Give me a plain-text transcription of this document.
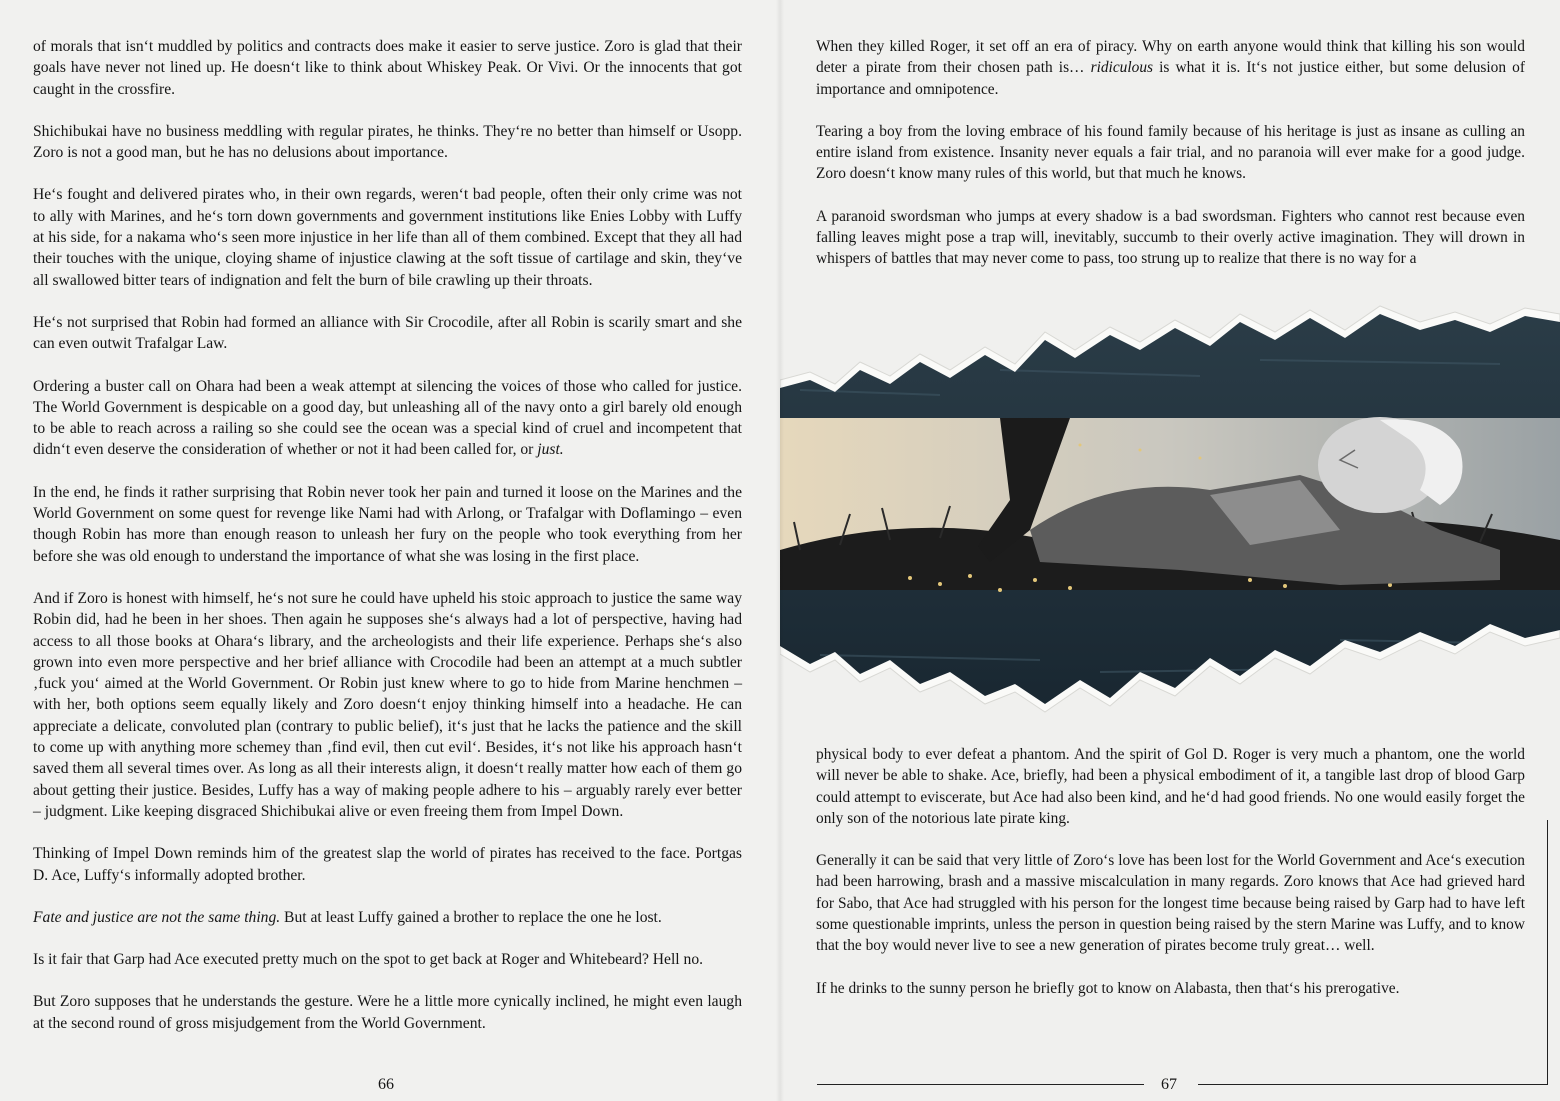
of morals that isn‘t muddled by politics and contracts does make it easier to serve justice. Zoro is glad that their goals have never not lined up. He doesn‘t like to think about Whiskey Peak. Or Vivi. Or the innocents that got caught in the crossfire.

Shichibukai have no business meddling with regular pirates, he thinks. They‘re no better than himself or Usopp. Zoro is not a good man, but he has no delusions about importance.

He‘s fought and delivered pirates who, in their own regards, weren‘t bad people, often their only crime was not to ally with Marines, and he‘s torn down governments and government institutions like Enies Lobby with Luffy at his side, for a nakama who‘s seen more injustice in her life than all of them combined. Except that they all had their touches with the unique, cloying shame of injustice clawing at the soft tissue of cartilage and skin, they‘ve all swallowed bitter tears of indignation and felt the burn of bile crawling up their throats.

He‘s not surprised that Robin had formed an alliance with Sir Crocodile, after all Robin is scarily smart and she can even outwit Trafalgar Law.

Ordering a buster call on Ohara had been a weak attempt at silencing the voices of those who called for justice. The World Government is despicable on a good day, but unleashing all of the navy onto a girl barely old enough to be able to reach across a railing so she could see the ocean was a special kind of cruel and incompetent that didn‘t even deserve the consideration of whether or not it had been called for, or just.

In the end, he finds it rather surprising that Robin never took her pain and turned it loose on the Marines and the World Government on some quest for revenge like Nami had with Arlong, or Trafalgar with Doflamingo – even though Robin has more than enough reason to unleash her fury on the people who took everything from her before she was old enough to understand the importance of what she was losing in the first place.

And if Zoro is honest with himself, he‘s not sure he could have upheld his stoic approach to justice the same way Robin did, had he been in her shoes. Then again he supposes she‘s always had a lot of perspective, having had access to all those books at Ohara‘s library, and the archeologists and their life experience. Perhaps she‘s also grown into even more perspective and her brief alliance with Crocodile had been an attempt at a much subtler ‚fuck you‘ aimed at the World Government. Or Robin just knew where to go to hide from Marine henchmen – with her, both options seem equally likely and Zoro doesn‘t enjoy thinking himself into a headache. He can appreciate a delicate, convoluted plan (contrary to public belief), it‘s just that he lacks the patience and the skill to come up with anything more schemey than ‚find evil, then cut evil‘. Besides, it‘s not like his approach hasn‘t saved them all several times over. As long as all their interests align, it doesn‘t really matter how each of them go about getting their justice. Besides, Luffy has a way of making people adhere to his – arguably rarely ever better – judgment. Like keeping disgraced Shichibukai alive or even freeing them from Impel Down.

Thinking of Impel Down reminds him of the greatest slap the world of pirates has received to the face. Portgas D. Ace, Luffy‘s informally adopted brother.

Fate and justice are not the same thing. But at least Luffy gained a brother to replace the one he lost.

Is it fair that Garp had Ace executed pretty much on the spot to get back at Roger and Whitebeard? Hell no.

But Zoro supposes that he understands the gesture. Were he a little more cynically inclined, he might even laugh at the second round of gross misjudgement from the World Government.

66

When they killed Roger, it set off an era of piracy. Why on earth anyone would think that killing his son would deter a pirate from their chosen path is… ridiculous is what it is. It‘s not justice either, but some delusion of importance and omnipotence.

Tearing a boy from the loving embrace of his found family because of his heritage is just as insane as culling an entire island from existence. Insanity never equals a fair trial, and no paranoia will ever make for a good judge. Zoro doesn‘t know many rules of this world, but that much he knows.

A paranoid swordsman who jumps at every shadow is a bad swordsman. Fighters who cannot rest because even falling leaves might pose a trap will, inevitably, succumb to their overly active imagination. They will drown in whispers of battles that may never come to pass, too strung up to realize that there is no way for a

physical body to ever defeat a phantom. And the spirit of Gol D. Roger is very much a phantom, one the world will never be able to shake. Ace, briefly, had been a physical embodiment of it, a tangible last drop of blood Garp could attempt to eviscerate, but Ace had also been kind, and he‘d had good friends. No one would easily forget the only son of the notorious late pirate king.

Generally it can be said that very little of Zoro‘s love has been lost for the World Government and Ace‘s execution had been harrowing, brash and a massive miscalculation in many regards. Zoro knows that Ace had grieved hard for Sabo, that Ace had struggled with his person for the longest time because being raised by Garp had to have left some questionable imprints, unless the person in question being raised by the stern Marine was Luffy, and to know that the boy would never live to see a new generation of pirates become truly great… well.

If he drinks to the sunny person he briefly got to know on Alabasta, then that‘s his prerogative.

67
